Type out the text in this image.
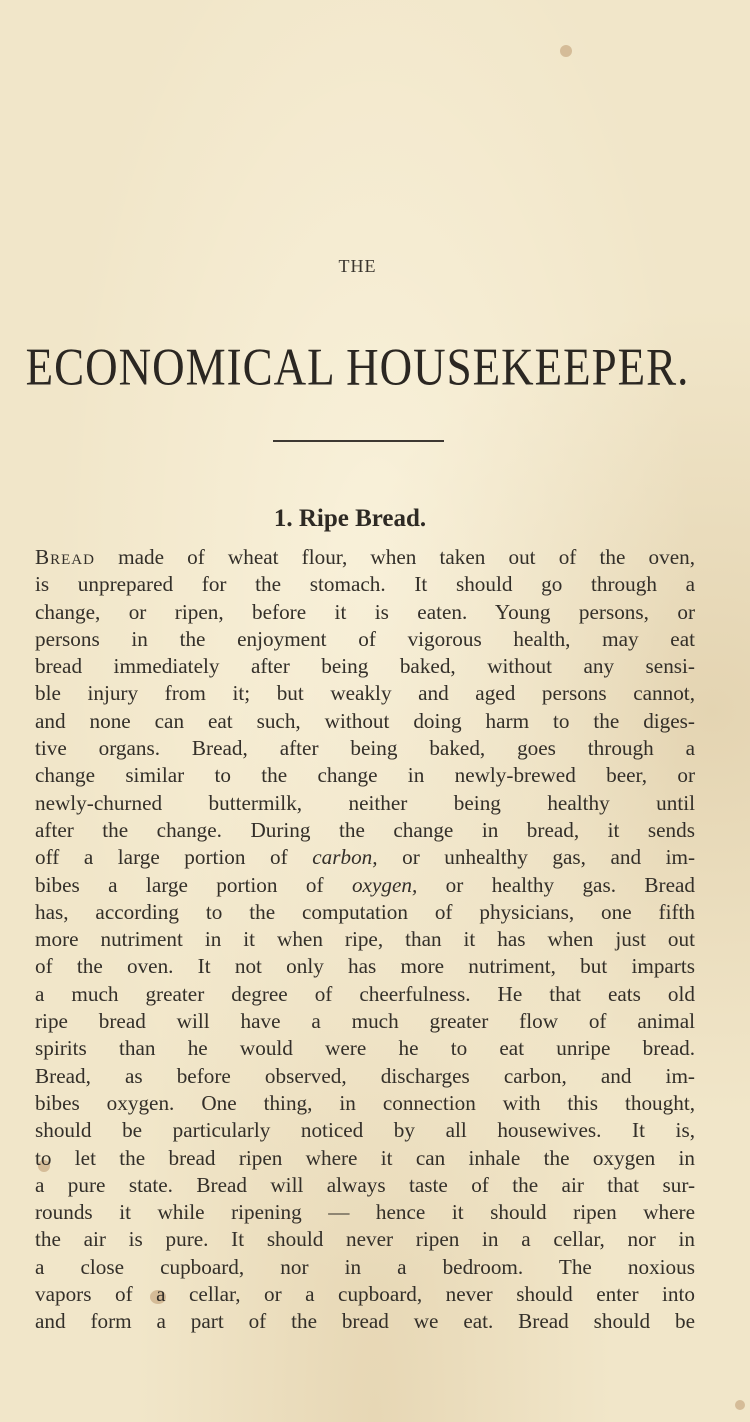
THE
ECONOMICAL HOUSEKEEPER.
1. Ripe Bread.
Bread made of wheat flour, when taken out of the oven,
is unprepared for the stomach. It should go through a
change, or ripen, before it is eaten. Young persons, or
persons in the enjoyment of vigorous health, may eat
bread immediately after being baked, without any sensi-
ble injury from it; but weakly and aged persons cannot,
and none can eat such, without doing harm to the diges-
tive organs. Bread, after being baked, goes through a
change similar to the change in newly-brewed beer, or
newly-churned buttermilk, neither being healthy until
after the change. During the change in bread, it sends
off a large portion of carbon, or unhealthy gas, and im-
bibes a large portion of oxygen, or healthy gas. Bread
has, according to the computation of physicians, one fifth
more nutriment in it when ripe, than it has when just out
of the oven. It not only has more nutriment, but imparts
a much greater degree of cheerfulness. He that eats old
ripe bread will have a much greater flow of animal
spirits than he would were he to eat unripe bread.
Bread, as before observed, discharges carbon, and im-
bibes oxygen. One thing, in connection with this thought,
should be particularly noticed by all housewives. It is,
to let the bread ripen where it can inhale the oxygen in
a pure state. Bread will always taste of the air that sur-
rounds it while ripening — hence it should ripen where
the air is pure. It should never ripen in a cellar, nor in
a close cupboard, nor in a bedroom. The noxious
vapors of a cellar, or a cupboard, never should enter into
and form a part of the bread we eat. Bread should be
